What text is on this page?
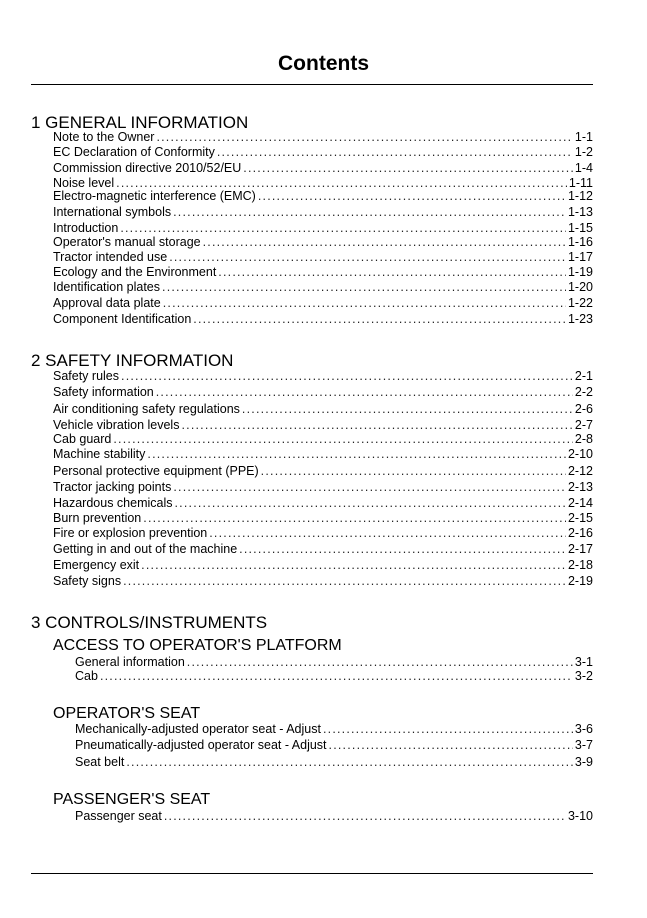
Contents
1 GENERAL INFORMATION
Note to the Owner .....	1-1
EC Declaration of Conformity .....	1-2
Commission directive 2010/52/EU .....	1-4
Noise level .....	1-11
Electro-magnetic interference (EMC) .....	1-12
International symbols .....	1-13
Introduction .....	1-15
Operator's manual storage .....	1-16
Tractor intended use .....	1-17
Ecology and the Environment .....	1-19
Identification plates .....	1-20
Approval data plate .....	1-22
Component Identification .....	1-23
2 SAFETY INFORMATION
Safety rules .....	2-1
Safety information .....	2-2
Air conditioning safety regulations .....	2-6
Vehicle vibration levels .....	2-7
Cab guard .....	2-8
Machine stability .....	2-10
Personal protective equipment (PPE) .....	2-12
Tractor jacking points .....	2-13
Hazardous chemicals .....	2-14
Burn prevention .....	2-15
Fire or explosion prevention .....	2-16
Getting in and out of the machine .....	2-17
Emergency exit .....	2-18
Safety signs .....	2-19
3 CONTROLS/INSTRUMENTS
ACCESS TO OPERATOR'S PLATFORM
General information .....	3-1
Cab .....	3-2
OPERATOR'S SEAT
Mechanically-adjusted operator seat - Adjust .....	3-6
Pneumatically-adjusted operator seat - Adjust .....	3-7
Seat belt .....	3-9
PASSENGER'S SEAT
Passenger seat .....	3-10
